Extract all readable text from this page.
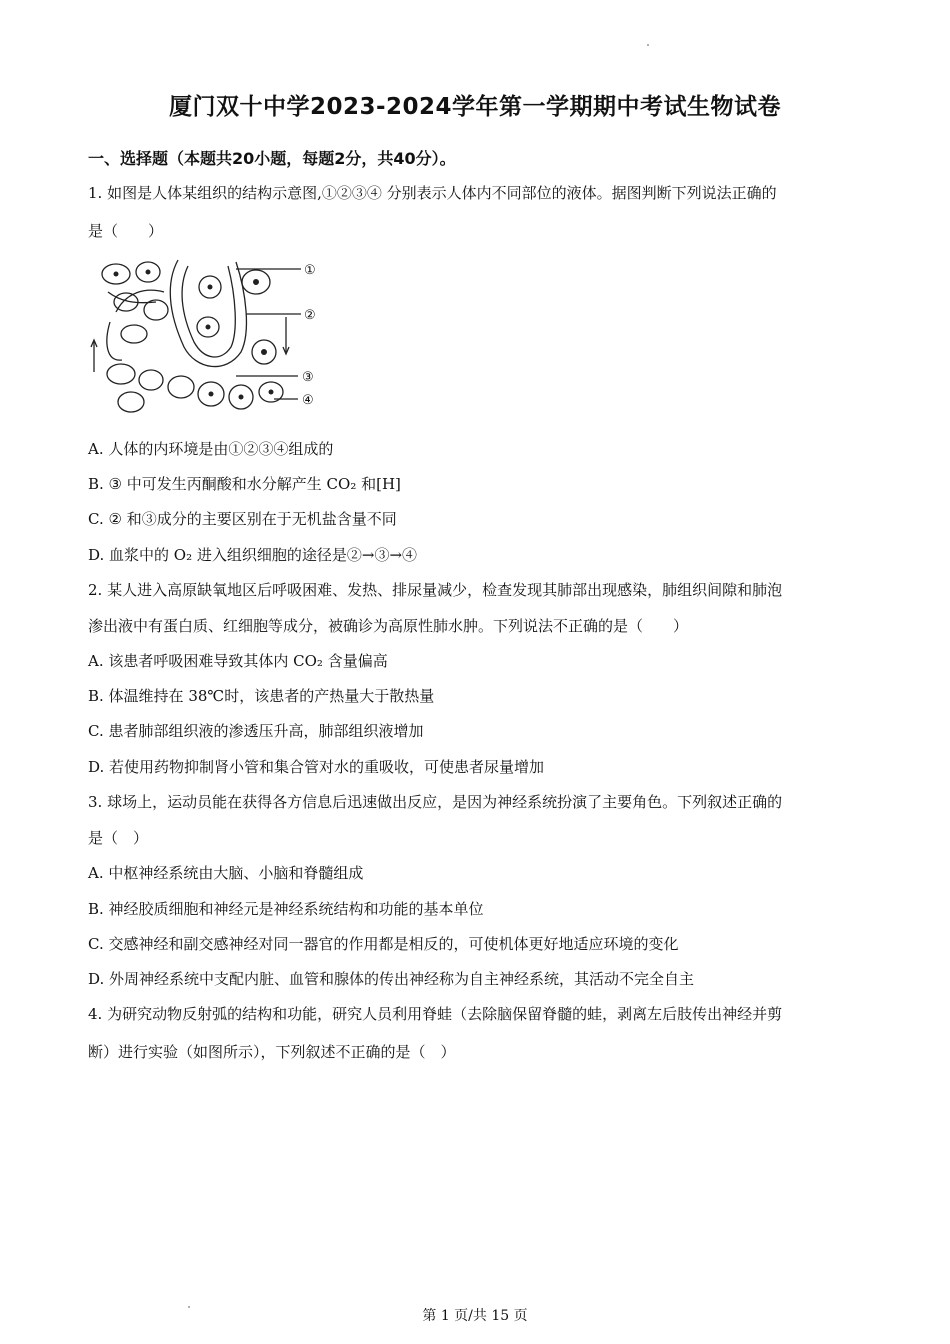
厦门双十中学2023-2024学年第一学期期中考试生物试卷
一、选择题（本题共20小题，每题2分，共40分）。
1. 如图是人体某组织的结构示意图,①②③④ 分别表示人体内不同部位的液体。据图判断下列说法正确的
是（　　）
①
②
③
④
A. 人体的内环境是由①②③④组成的
B. ③ 中可发生丙酮酸和水分解产生 CO₂ 和[H]
C. ② 和③成分的主要区别在于无机盐含量不同
D. 血浆中的 O₂ 进入组织细胞的途径是②→③→④
2. 某人进入高原缺氧地区后呼吸困难、发热、排尿量减少，检查发现其肺部出现感染，肺组织间隙和肺泡
渗出液中有蛋白质、红细胞等成分，被确诊为高原性肺水肿。下列说法不正确的是（　　）
A. 该患者呼吸困难导致其体内 CO₂ 含量偏高
B. 体温维持在 38℃时，该患者的产热量大于散热量
C. 患者肺部组织液的渗透压升高，肺部组织液增加
D. 若使用药物抑制肾小管和集合管对水的重吸收，可使患者尿量增加
3. 球场上，运动员能在获得各方信息后迅速做出反应，是因为神经系统扮演了主要角色。下列叙述正确的
是（　）
A. 中枢神经系统由大脑、小脑和脊髓组成
B. 神经胶质细胞和神经元是神经系统结构和功能的基本单位
C. 交感神经和副交感神经对同一器官的作用都是相反的，可使机体更好地适应环境的变化
D. 外周神经系统中支配内脏、血管和腺体的传出神经称为自主神经系统，其活动不完全自主
4. 为研究动物反射弧的结构和功能，研究人员利用脊蛙（去除脑保留脊髓的蛙，剥离左后肢传出神经并剪
断）进行实验（如图所示），下列叙述不正确的是（　）
第 1 页/共 15 页
